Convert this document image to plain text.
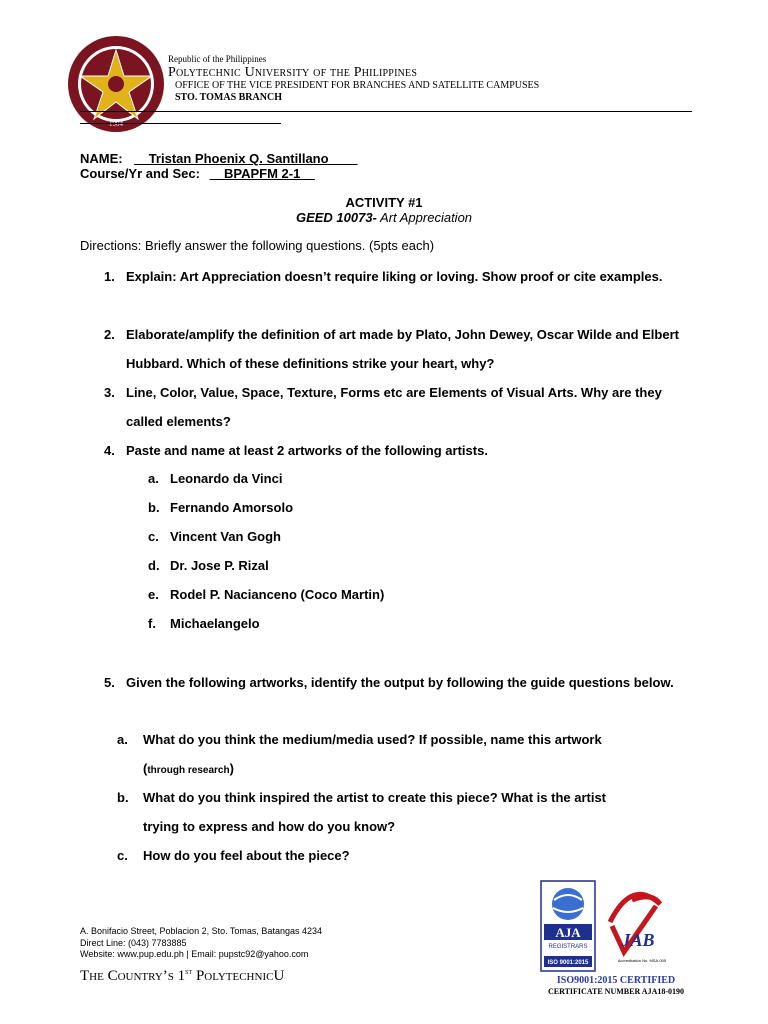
1904
Republic of the Philippines
Polytechnic University of the Philippines
OFFICE OF THE VICE PRESIDENT FOR BRANCHES AND SATELLITE CAMPUSES
STO. TOMAS BRANCH
NAME: __Tristan Phoenix Q. Santillano____
Course/Yr and Sec: __BPAPFM 2-1__
ACTIVITY #1
GEED 10073- Art Appreciation
Directions: Briefly answer the following questions. (5pts each)
1. Explain: Art Appreciation doesn’t require liking or loving. Show proof or cite examples.
2. Elaborate/amplify the definition of art made by Plato, John Dewey, Oscar Wilde and Elbert Hubbard. Which of these definitions strike your heart, why?
3. Line, Color, Value, Space, Texture, Forms etc are Elements of Visual Arts. Why are they called elements?
4. Paste and name at least 2 artworks of the following artists.
a. Leonardo da Vinci
b. Fernando Amorsolo
c. Vincent Van Gogh
d. Dr. Jose P. Rizal
e. Rodel P. Nacianceno (Coco Martin)
f. Michaelangelo
5. Given the following artworks, identify the output by following the guide questions below.
a. What do you think the medium/media used? If possible, name this artwork
(through research)
b. What do you think inspired the artist to create this piece? What is the artist
trying to express and how do you know?
c. How do you feel about the piece?
A. Bonifacio Street, Poblacion 2, Sto. Tomas, Batangas 4234
Direct Line: (043) 7783885
Website: www.pup.edu.ph | Email: pupstc92@yahoo.com
The Country’s 1st PolytechnicU
AJA
REGISTRARS
ISO 9001:2015
JAB
Accreditation No. MSA-005
ISO9001:2015 CERTIFIED
CERTIFICATE NUMBER AJA18-0190
